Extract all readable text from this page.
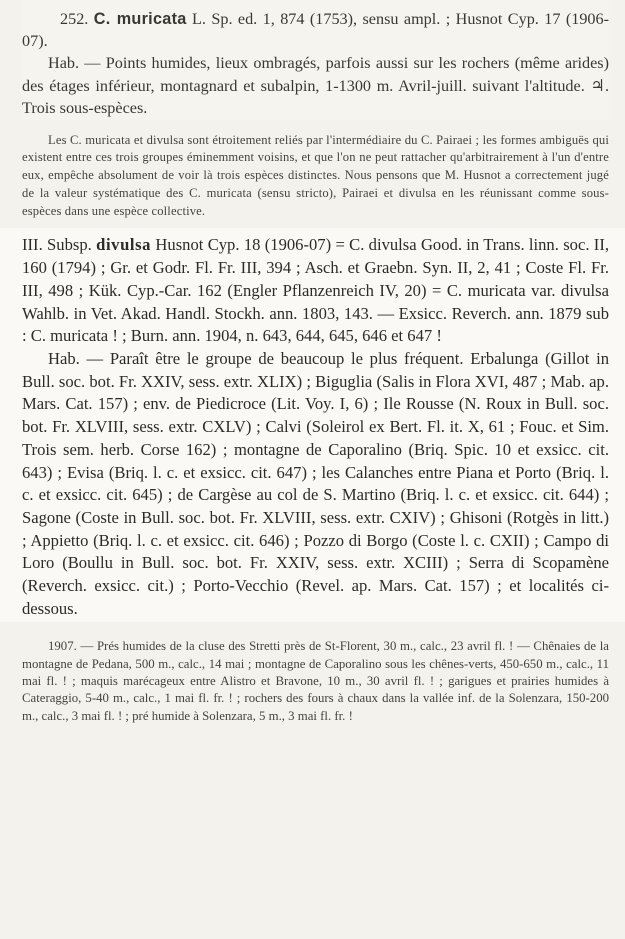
252. C. muricata L. Sp. ed. 1, 874 (1753), sensu ampl. ; Husnot Cyp. 17 (1906-07).

Hab. — Points humides, lieux ombragés, parfois aussi sur les rochers (même arides) des étages inférieur, montagnard et subalpin, 1-1300 m. Avril-juill. suivant l'altitude. ♃. Trois sous-espèces.

Les C. muricata et divulsa sont étroitement reliés par l'intermédiaire du C. Pairaei ; les formes ambiguës qui existent entre ces trois groupes éminemment voisins, et que l'on ne peut rattacher qu'arbitrairement à l'un d'entre eux, empêche absolument de voir là trois espèces distinctes. Nous pensons que M. Husnot a correctement jugé de la valeur systématique des C. muricata (sensu stricto), Pairaei et divulsa en les réunissant comme sous-espèces dans une espèce collective.

III. Subsp. divulsa Husnot Cyp. 18 (1906-07) = C. divulsa Good. in Trans. linn. soc. II, 160 (1794) ; Gr. et Godr. Fl. Fr. III, 394 ; Asch. et Graebn. Syn. II, 2, 41 ; Coste Fl. Fr. III, 498 ; Kük. Cyp.-Car. 162 (Engler Pflanzenreich IV, 20) = C. muricata var. divulsa Wahlb. in Vet. Akad. Handl. Stockh. ann. 1803, 143. — Exsicc. Reverch. ann. 1879 sub : C. muricata ! ; Burn. ann. 1904, n. 643, 644, 645, 646 et 647 !

Hab. — Paraît être le groupe de beaucoup le plus fréquent. Erbalunga (Gillot in Bull. soc. bot. Fr. XXIV, sess. extr. XLIX) ; Biguglia (Salis in Flora XVI, 487 ; Mab. ap. Mars. Cat. 157) ; env. de Piedicroce (Lit. Voy. I, 6) ; Ile Rousse (N. Roux in Bull. soc. bot. Fr. XLVIII, sess. extr. CXLV) ; Calvi (Soleirol ex Bert. Fl. it. X, 61 ; Fouc. et Sim. Trois sem. herb. Corse 162) ; montagne de Caporalino (Briq. Spic. 10 et exsicc. cit. 643) ; Evisa (Briq. l. c. et exsicc. cit. 647) ; les Calanches entre Piana et Porto (Briq. l. c. et exsicc. cit. 645) ; de Cargèse au col de S. Martino (Briq. l. c. et exsicc. cit. 644) ; Sagone (Coste in Bull. soc. bot. Fr. XLVIII, sess. extr. CXIV) ; Ghisoni (Rotgès in litt.) ; Appietto (Briq. l. c. et exsicc. cit. 646) ; Pozzo di Borgo (Coste l. c. CXII) ; Campo di Loro (Boullu in Bull. soc. bot. Fr. XXIV, sess. extr. XCIII) ; Serra di Scopamène (Reverch. exsicc. cit.) ; Porto-Vecchio (Revel. ap. Mars. Cat. 157) ; et localités ci-dessous.

1907. — Prés humides de la cluse des Stretti près de St-Florent, 30 m., calc., 23 avril fl. ! — Chênaies de la montagne de Pedana, 500 m., calc., 14 mai ; montagne de Caporalino sous les chênes-verts, 450-650 m., calc., 11 mai fl. ! ; maquis marécageux entre Alistro et Bravone, 10 m., 30 avril fl. ! ; garigues et prairies humides à Cateraggio, 5-40 m., calc., 1 mai fl. fr. ! ; rochers des fours à chaux dans la vallée inf. de la Solenzara, 150-200 m., calc., 3 mai fl. ! ; pré humide à Solenzara, 5 m., 3 mai fl. fr. !
